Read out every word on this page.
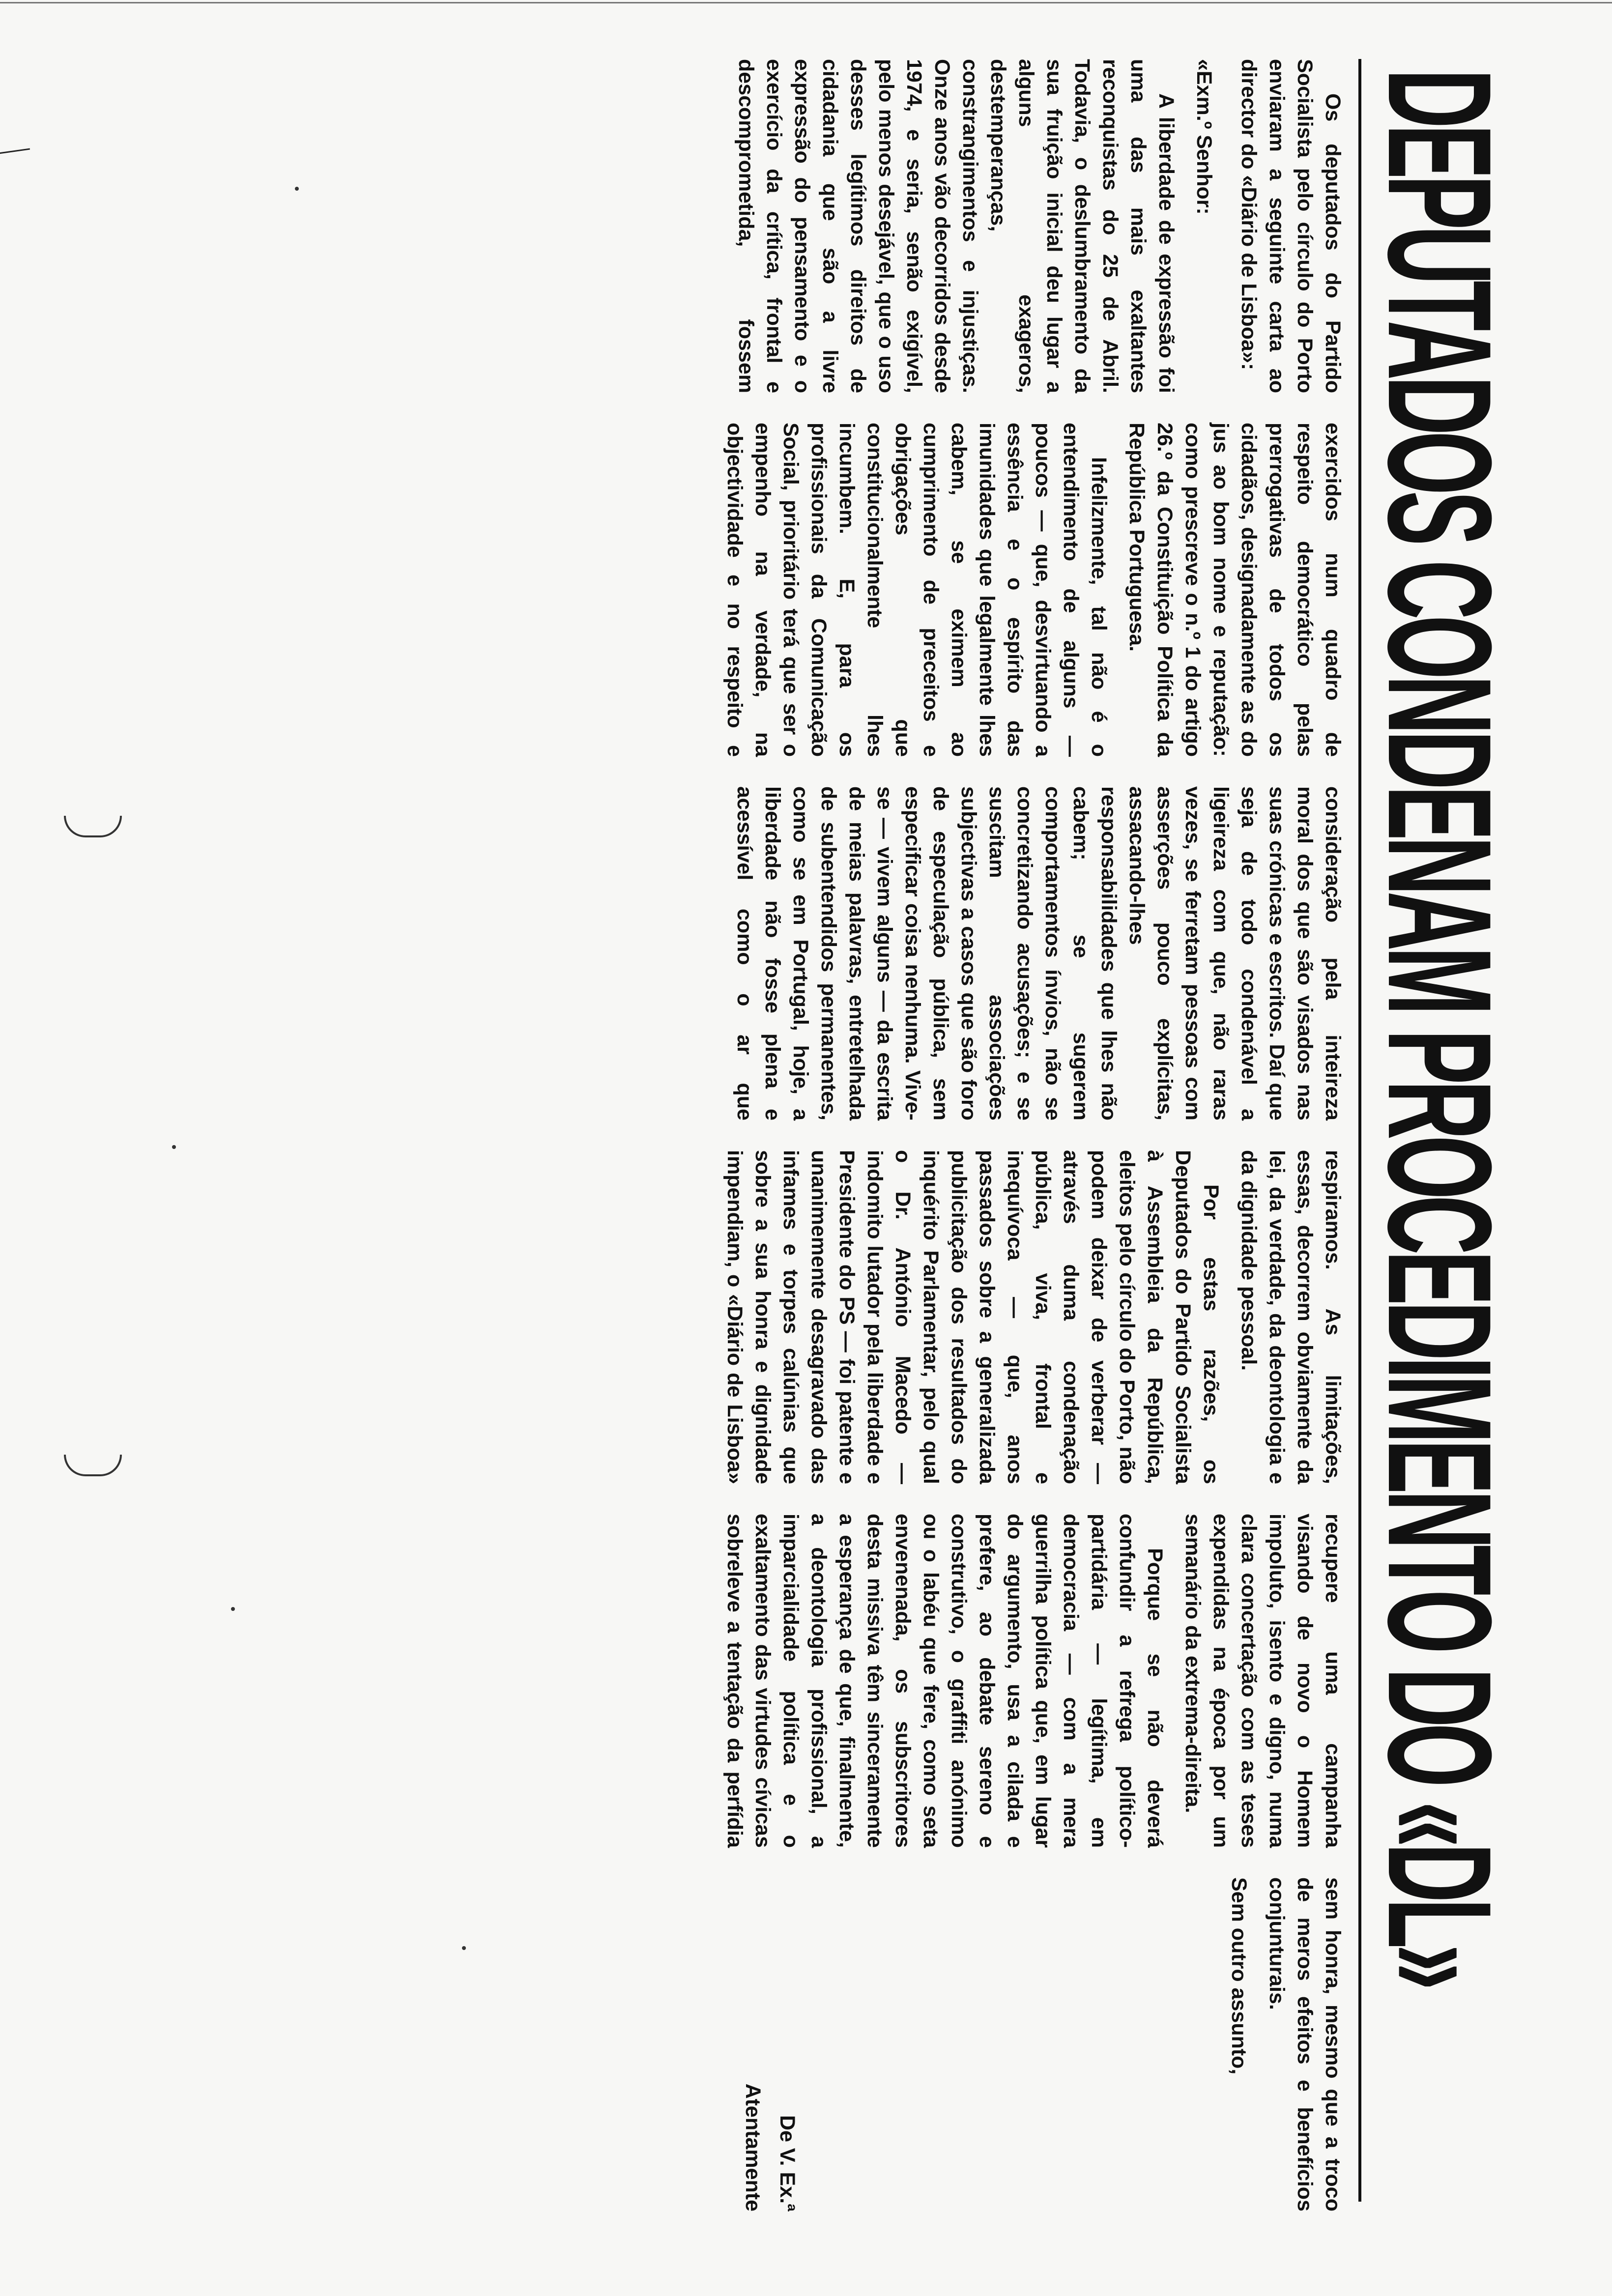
DEPUTADOS CONDENAM PROCEDIMENTO DO «DL»

Os deputados do Partido Socialista pelo círculo do Porto enviaram a seguinte carta ao director do «Diário de Lisboa»:

«Exm.º Senhor:

A liberdade de expressão foi uma das mais exaltantes reconquistas do 25 de Abril. Todavia, o deslumbramento da sua fruição inicial deu lugar a alguns exageros, destemperanças, constrangimentos e injustiças. Onze anos vão decorridos desde 1974, e seria, senão exigível, pelo menos desejável, que o uso desses legítimos direitos de cidadania que são a livre expressão do pensamento e o exercício da crítica, frontal e descomprometida, fossem exercidos num quadro de respeito democrático pelas prerrogativas de todos os cidadãos, designadamente as do jus ao bom nome e reputação: como prescreve o n.º 1 do artigo 26.º da Constituição Política da República Portuguesa.

Infelizmente, tal não é o entendimento de alguns — poucos — que, desvirtuando a essência e o espírito das imunidades que legalmente lhes cabem, se eximem ao cumprimento de preceitos e obrigações que constitucionalmente lhes incumbem. E, para os profissionais da Comunicação Social, prioritário terá que ser o empenho na verdade, na objectividade e no respeito e consideração pela inteireza moral dos que são visados nas suas crónicas e escritos. Daí que seja de todo condenável a ligeireza com que, não raras vezes, se ferretam pessoas com asserções pouco explícitas, assacando-lhes responsabilidades que lhes não cabem; se sugerem comportamentos ínvios, não se concretizando acusações; e se suscitam associações subjectivas a casos que são foro de especulação pública, sem especificar coisa nenhuma. Vive-se — vivem alguns — da escrita de meias palavras, entretelhada de subentendidos permanentes, como se em Portugal, hoje, a liberdade não fosse plena e acessível como o ar que respiramos. As limitações, essas, decorrem obviamente da lei, da verdade, da deontologia e da dignidade pessoal.

Por estas razões, os Deputados do Partido Socialista à Assembleia da República, eleitos pelo círculo do Porto, não podem deixar de verberar — através duma condenação pública, viva, frontal e inequívoca — que, anos passados sobre a generalizada publicitação dos resultados do inquérito Parlamentar, pelo qual o Dr. António Macedo — indomito lutador pela liberdade e Presidente do PS — foi patente e unanimemente desagravado das infames e torpes calúnias que sobre a sua honra e dignidade impendiam, o «Diário de Lisboa» recupere uma campanha visando de novo o Homem impoluto, isento e digno, numa clara concertação com as teses expendidas na época por um semanário da extrema-direita.

Porque se não deverá confundir a refrega político-partidária — legítima, em democracia — com a mera guerrilha política que, em lugar do argumento, usa a cilada e prefere, ao debate sereno e construtivo, o graffiti anónimo ou o labéu que fere, como seta envenenada, os subscritores desta missiva têm sinceramente a esperança de que, finalmente, a deontologia profissional, a imparcialidade política e o exaltamento das virtudes cívicas sobreleve a tentação da perfídia sem honra, mesmo que a troco de meros efeitos e benefícios conjunturais.

Sem outro assunto,

De V. Ex.ª
Atentamente
